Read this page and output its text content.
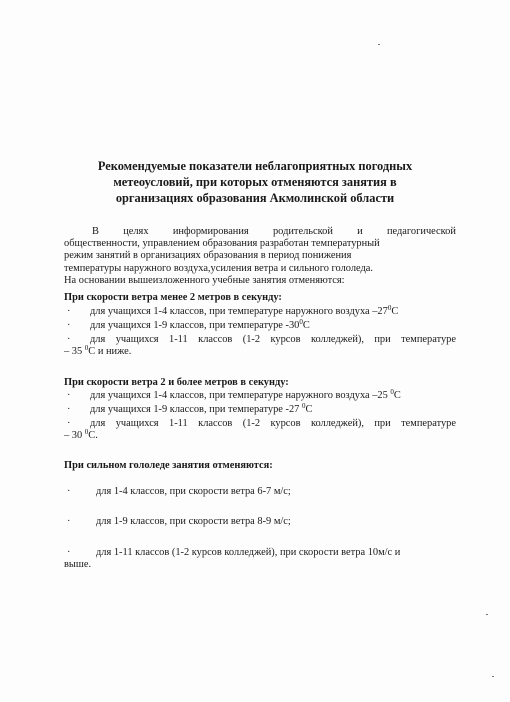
Рекомендуемые показатели неблагоприятных погодных
метеоусловий, при которых отменяются занятия в
организациях образования Акмолинской области
В целях информирования родительской и педагогической
общественности, управлением образования разработан температурный
режим занятий в организациях образования в период понижения
температуры наружного воздуха,усиления ветра и сильного гололеда.
На основании вышеизложенного учебные занятия отменяются:
При скорости ветра менее 2 метров в секунду:
· для учащихся 1-4 классов, при температуре наружного воздуха $-27^0С$
· для учащихся 1-9 классов, при температуре $-30^0С$
· для учащихся 1-11 классов (1-2 курсов колледжей), при температуре
– 35 $^0$С и ниже.
При скорости ветра 2 и более метров в секунду:
· для учащихся 1-4 классов, при температуре наружного воздуха –25 $^0$С
· для учащихся 1-9 классов, при температуре -27 $^0$С
· для учащихся 1-11 классов (1-2 курсов колледжей), при температуре
– 30 $^0$С.
При сильном гололеде занятия отменяются:
· для 1-4 классов, при скорости ветра 6-7 м/с;
· для 1-9 классов, при скорости ветра 8-9 м/с;
· для 1-11 классов (1-2 курсов колледжей), при скорости ветра 10м/с и
выше.
